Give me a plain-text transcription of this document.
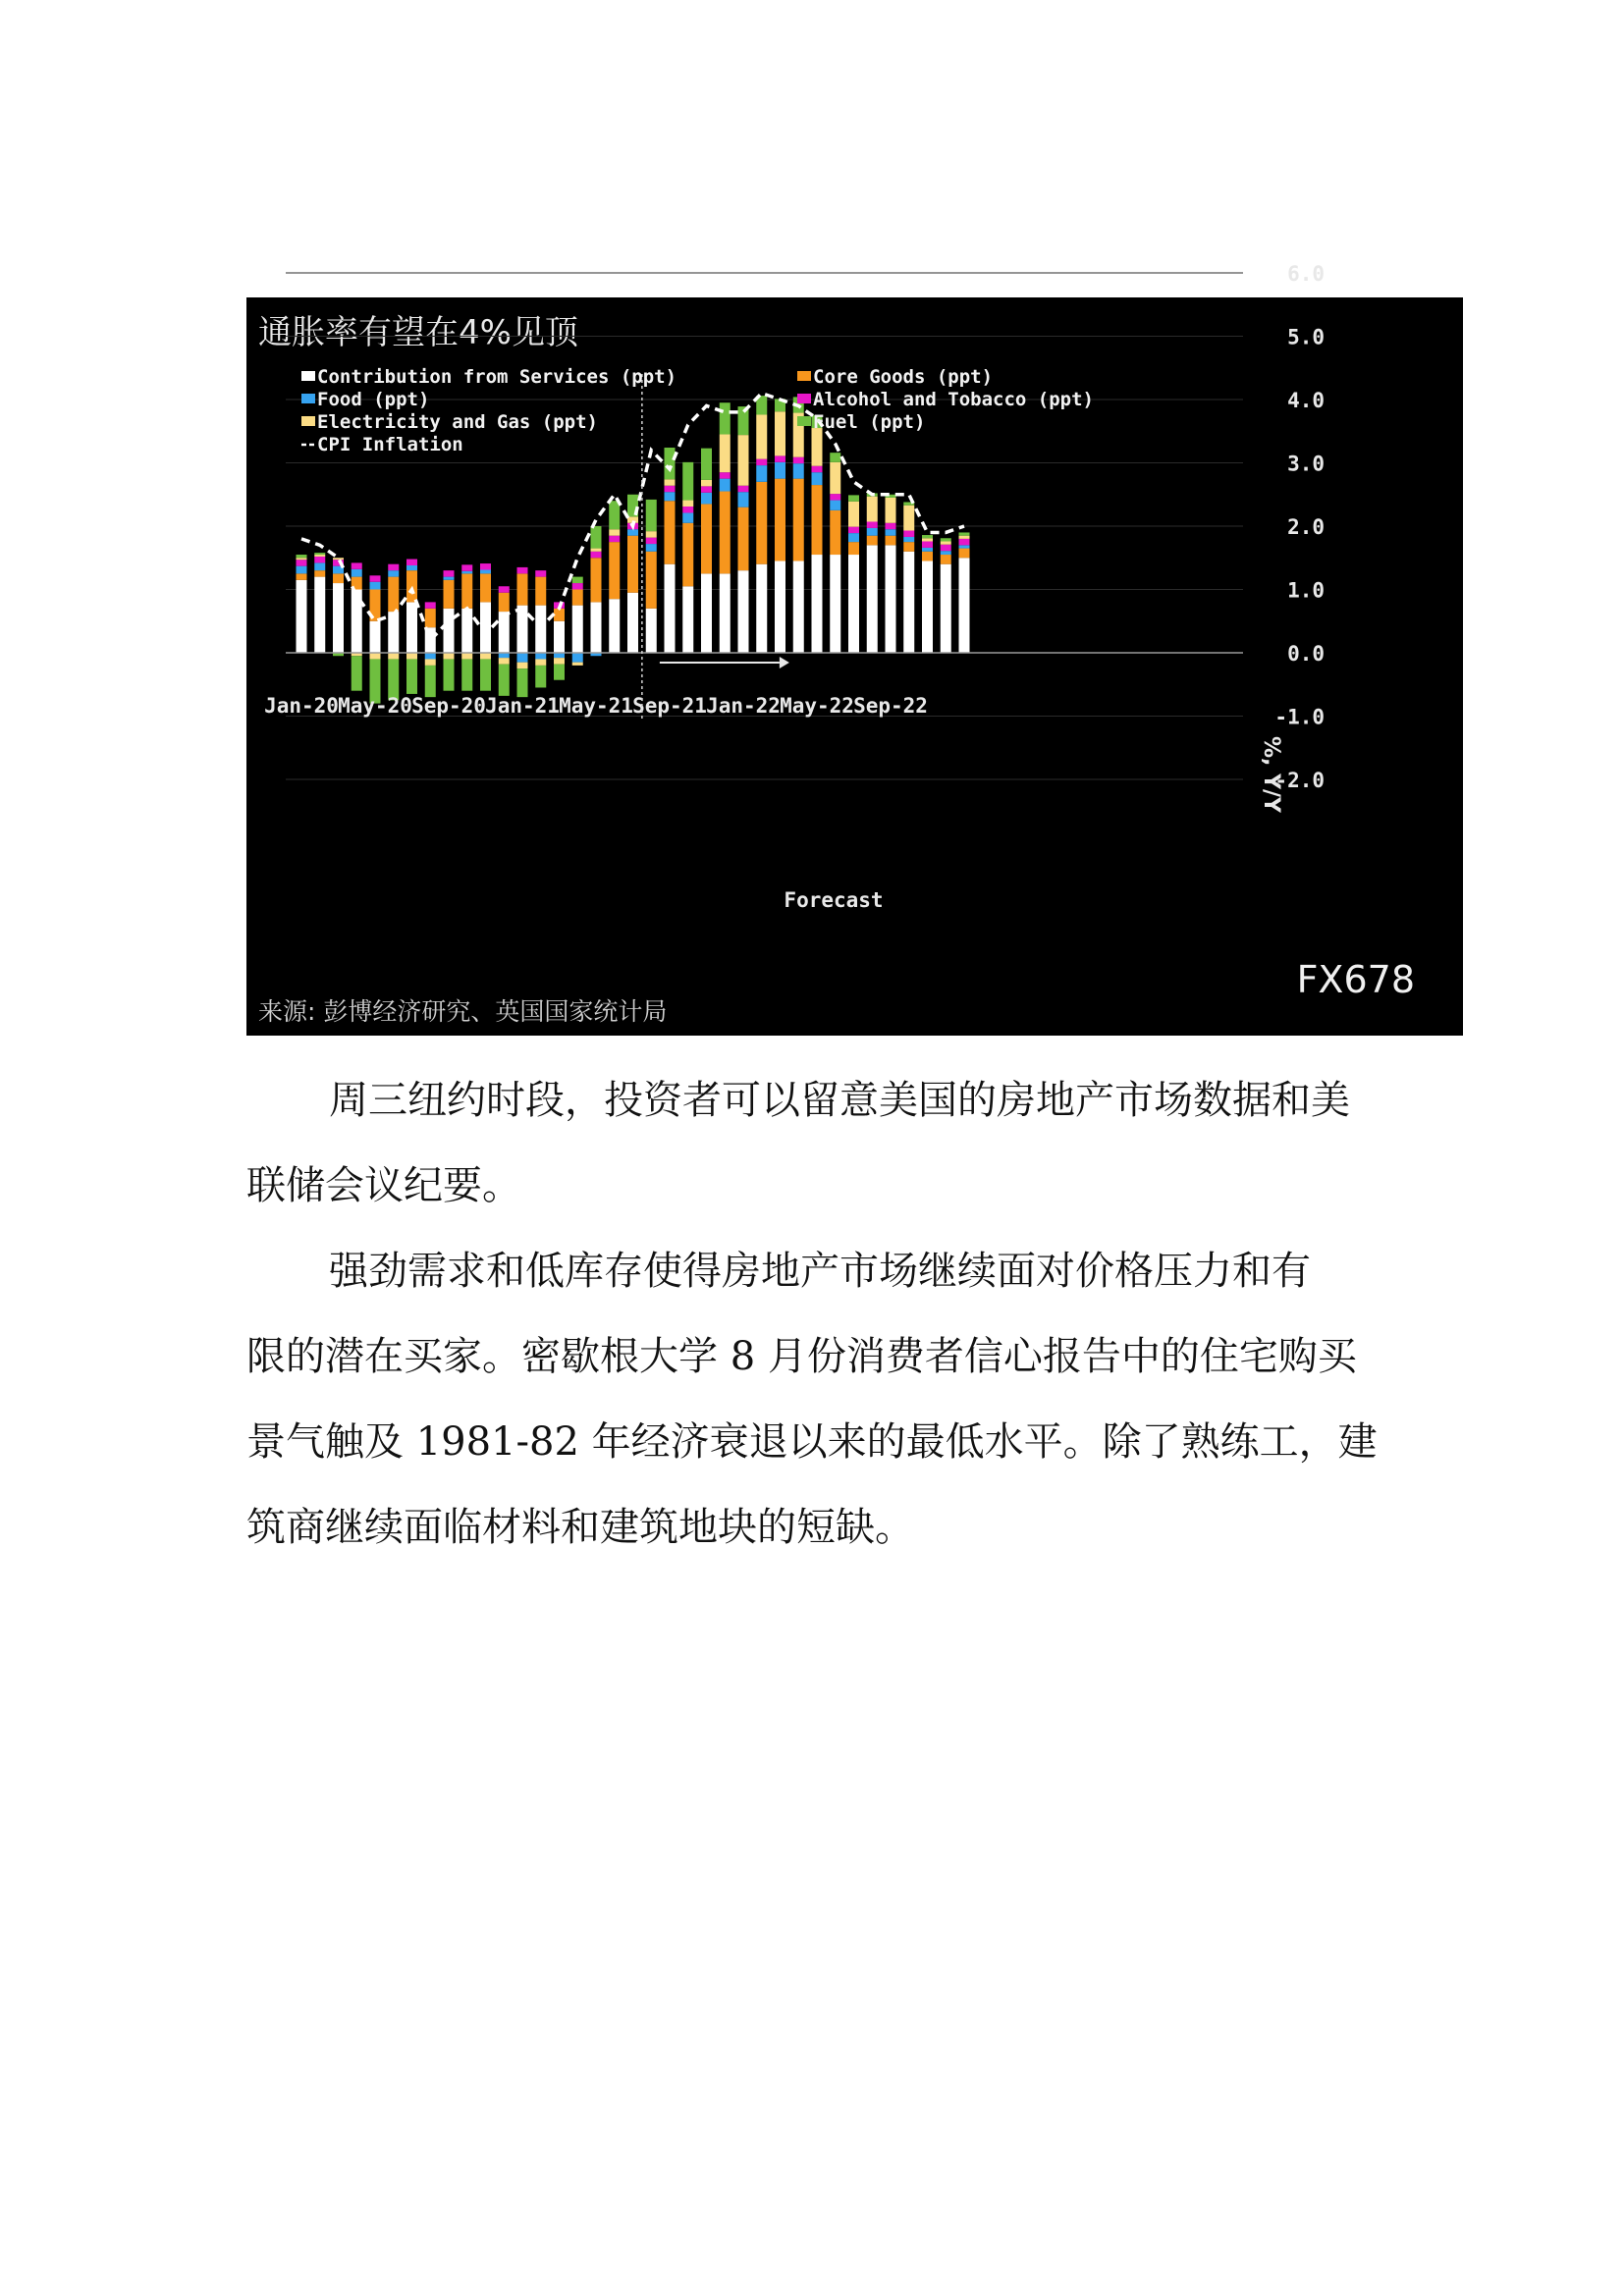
通胀率有望在4%见顶
6.0
5.0
4.0
3.0
2.0
1.0
0.0
-1.0
-2.0
Jan-20 May-20 Sep-20 Jan-21 May-21 Sep-21 Jan-22 May-22 Sep-22
Contribution from Services (ppt)
Food (ppt)
Electricity and Gas (ppt)
Core Goods (ppt)
Alcohol and Tobacco (ppt)
Fuel (ppt)
CPI Inflation
%, Y/Y
Forecast
FX678
来源: 彭博经济研究、英国国家统计局

周三纽约时段，投资者可以留意美国的房地产市场数据和美
联储会议纪要。

强劲需求和低库存使得房地产市场继续面对价格压力和有
限的潜在买家。密歇根大学 8 月份消费者信心报告中的住宅购买
景气触及 1981-82 年经济衰退以来的最低水平。除了熟练工，建
筑商继续面临材料和建筑地块的短缺。
